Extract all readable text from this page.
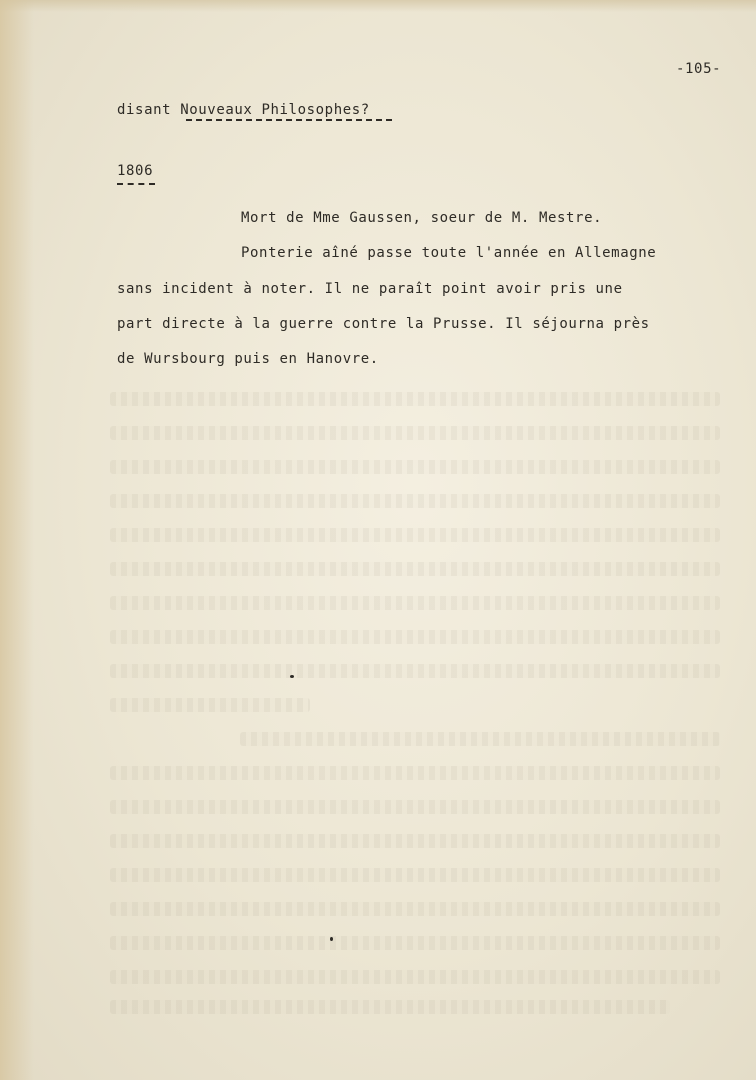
-105-
disant Nouveaux Philosophes?
1806
Mort de Mme Gaussen, soeur de M. Mestre.
Ponterie aîné passe toute l'année en Allemagne
sans incident à noter. Il ne paraît point avoir pris une
part directe à la guerre contre la Prusse. Il séjourna près
de Wursbourg puis en Hanovre.
